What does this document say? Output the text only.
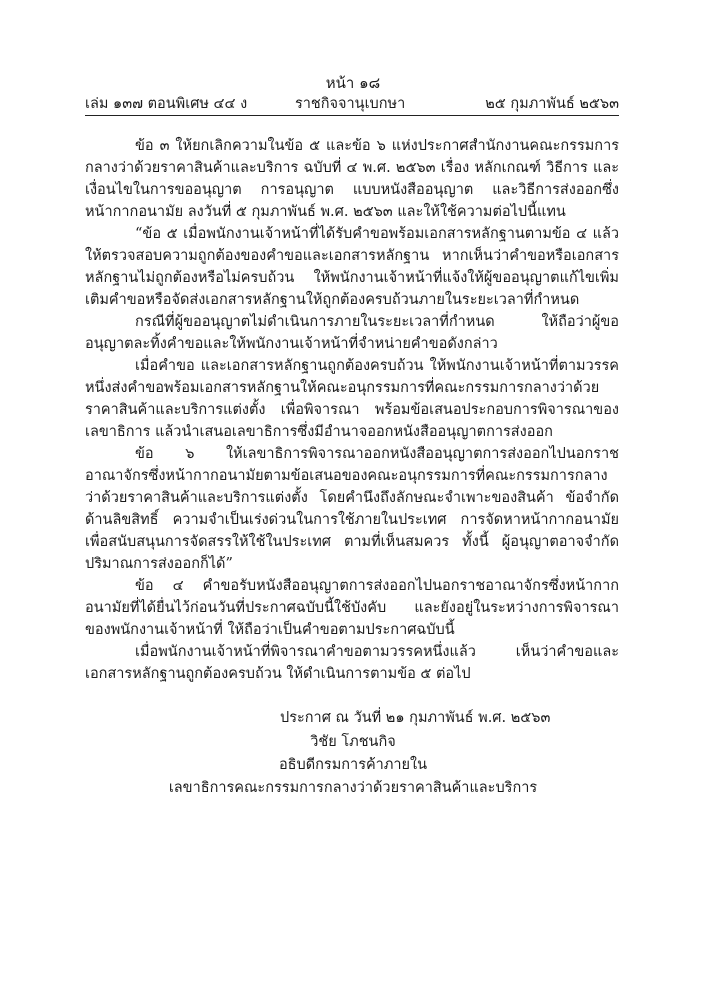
หน้า ๑๘
เล่ม ๑๓๗ ตอนพิเศษ ๔๔ ง	ราชกิจจานุเบกษา	๒๕ กุมภาพันธ์ ๒๕๖๓

ข้อ ๓ ให้ยกเลิกความในข้อ ๕ และข้อ ๖ แห่งประกาศสำนักงานคณะกรรมการกลางว่าด้วยราคาสินค้าและบริการ ฉบับที่ ๔ พ.ศ. ๒๕๖๓ เรื่อง หลักเกณฑ์ วิธีการ และเงื่อนไขในการขออนุญาต การอนุญาต แบบหนังสืออนุญาต และวิธีการส่งออกซึ่งหน้ากากอนามัย ลงวันที่ ๕ กุมภาพันธ์ พ.ศ. ๒๕๖๓ และให้ใช้ความต่อไปนี้แทน

“ข้อ ๕ เมื่อพนักงานเจ้าหน้าที่ได้รับคำขอพร้อมเอกสารหลักฐานตามข้อ ๔ แล้ว ให้ตรวจสอบความถูกต้องของคำขอและเอกสารหลักฐาน หากเห็นว่าคำขอหรือเอกสารหลักฐานไม่ถูกต้องหรือไม่ครบถ้วน ให้พนักงานเจ้าหน้าที่แจ้งให้ผู้ขออนุญาตแก้ไขเพิ่มเติมคำขอหรือจัดส่งเอกสารหลักฐานให้ถูกต้องครบถ้วนภายในระยะเวลาที่กำหนด

กรณีที่ผู้ขออนุญาตไม่ดำเนินการภายในระยะเวลาที่กำหนด ให้ถือว่าผู้ขออนุญาตละทิ้งคำขอและให้พนักงานเจ้าหน้าที่จำหน่ายคำขอดังกล่าว

เมื่อคำขอ และเอกสารหลักฐานถูกต้องครบถ้วน ให้พนักงานเจ้าหน้าที่ตามวรรคหนึ่งส่งคำขอพร้อมเอกสารหลักฐานให้คณะอนุกรรมการที่คณะกรรมการกลางว่าด้วยราคาสินค้าและบริการแต่งตั้ง เพื่อพิจารณา พร้อมข้อเสนอประกอบการพิจารณาของเลขาธิการ แล้วนำเสนอเลขาธิการซึ่งมีอำนาจออกหนังสืออนุญาตการส่งออก

ข้อ ๖ ให้เลขาธิการพิจารณาออกหนังสืออนุญาตการส่งออกไปนอกราชอาณาจักรซึ่งหน้ากากอนามัยตามข้อเสนอของคณะอนุกรรมการที่คณะกรรมการกลางว่าด้วยราคาสินค้าและบริการแต่งตั้ง โดยคำนึงถึงลักษณะจำเพาะของสินค้า ข้อจำกัดด้านลิขสิทธิ์ ความจำเป็นเร่งด่วนในการใช้ภายในประเทศ การจัดหาหน้ากากอนามัยเพื่อสนับสนุนการจัดสรรให้ใช้ในประเทศ ตามที่เห็นสมควร ทั้งนี้ ผู้อนุญาตอาจจำกัดปริมาณการส่งออกก็ได้”

ข้อ ๔ คำขอรับหนังสืออนุญาตการส่งออกไปนอกราชอาณาจักรซึ่งหน้ากากอนามัยที่ได้ยื่นไว้ก่อนวันที่ประกาศฉบับนี้ใช้บังคับ และยังอยู่ในระหว่างการพิจารณาของพนักงานเจ้าหน้าที่ ให้ถือว่าเป็นคำขอตามประกาศฉบับนี้

เมื่อพนักงานเจ้าหน้าที่พิจารณาคำขอตามวรรคหนึ่งแล้ว เห็นว่าคำขอและเอกสารหลักฐานถูกต้องครบถ้วน ให้ดำเนินการตามข้อ ๕ ต่อไป

ประกาศ ณ วันที่ ๒๑ กุมภาพันธ์ พ.ศ. ๒๕๖๓
วิชัย โภชนกิจ
อธิบดีกรมการค้าภายใน
เลขาธิการคณะกรรมการกลางว่าด้วยราคาสินค้าและบริการ
